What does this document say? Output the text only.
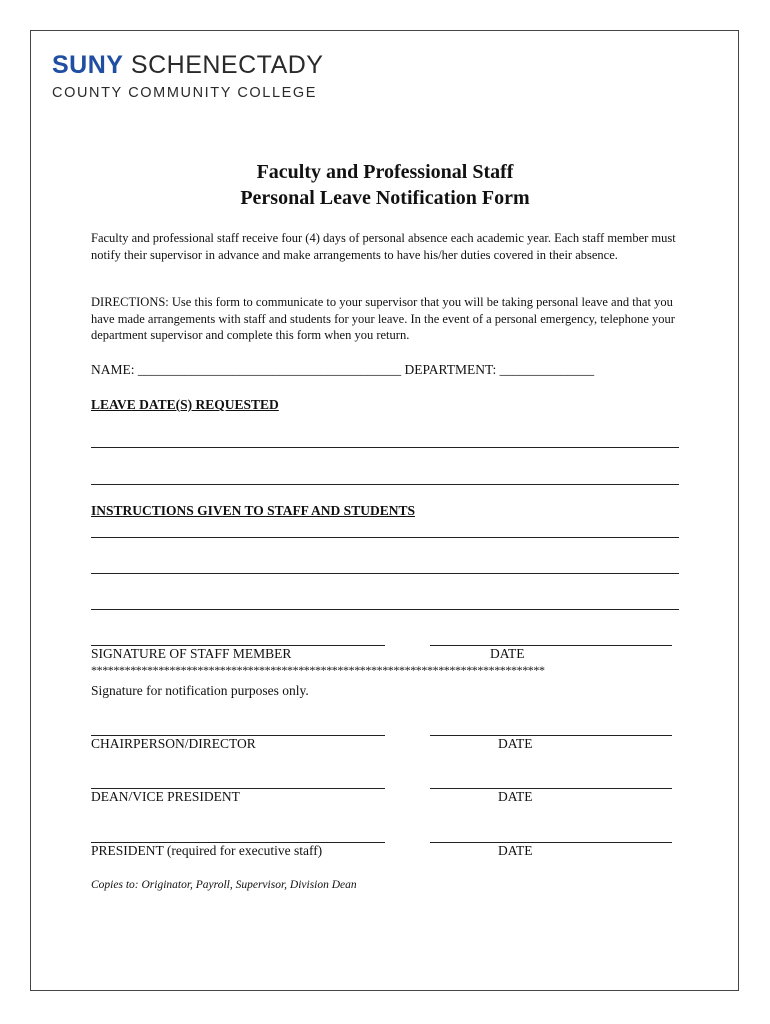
SUNY SCHENECTADY
COUNTY COMMUNITY COLLEGE
Faculty and Professional Staff
Personal Leave Notification Form
Faculty and professional staff receive four (4) days of personal absence each academic year. Each staff member must notify their supervisor in advance and make arrangements to have his/her duties covered in their absence.
DIRECTIONS: Use this form to communicate to your supervisor that you will be taking personal leave and that you have made arrangements with staff and students for your leave. In the event of a personal emergency, telephone your department supervisor and complete this form when you return.
NAME: _______________________________________ DEPARTMENT: ______________
LEAVE DATE(S) REQUESTED
INSTRUCTIONS GIVEN TO STAFF AND STUDENTS
SIGNATURE OF STAFF MEMBER	DATE
*********************************************************************************
Signature for notification purposes only.
CHAIRPERSON/DIRECTOR	DATE
DEAN/VICE PRESIDENT	DATE
PRESIDENT (required for executive staff)	DATE
Copies to: Originator, Payroll, Supervisor, Division Dean
